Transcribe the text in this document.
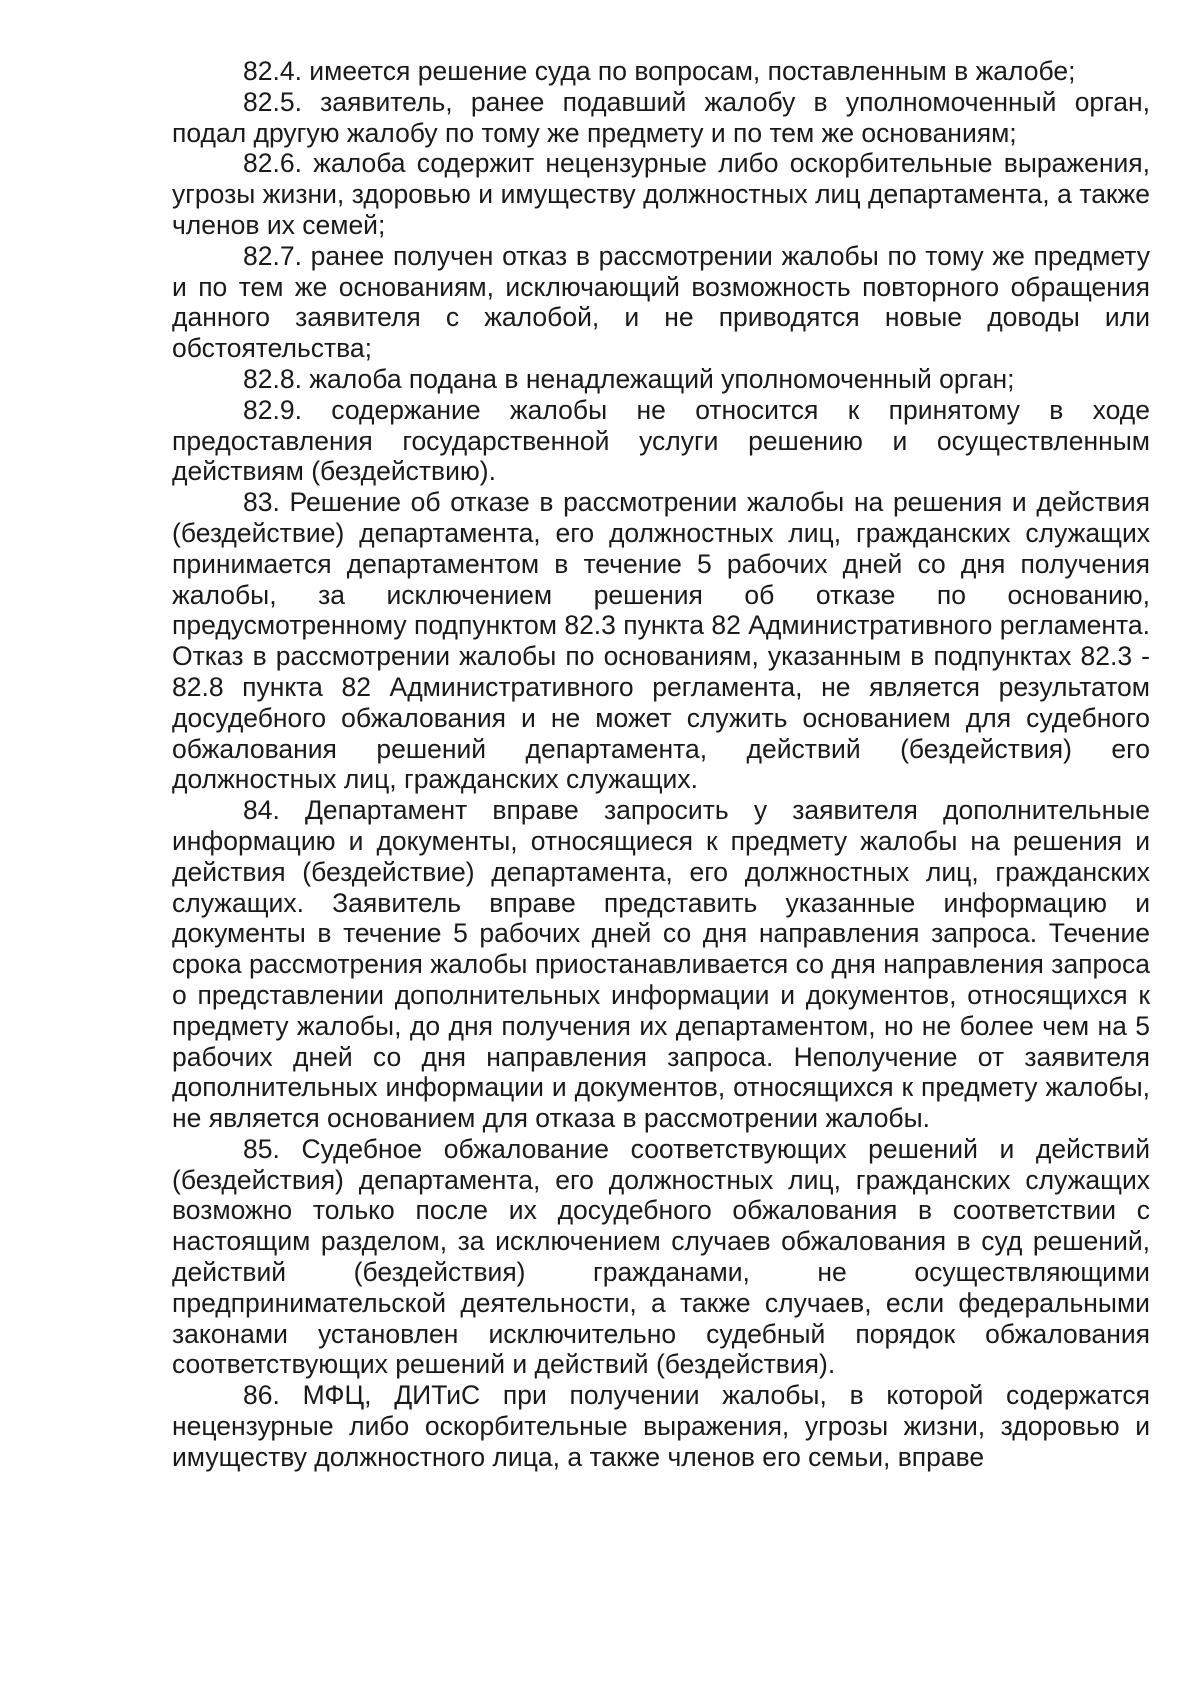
82.4. имеется решение суда по вопросам, поставленным в жалобе;

82.5. заявитель, ранее подавший жалобу в уполномоченный орган, подал другую жалобу по тому же предмету и по тем же основаниям;

82.6. жалоба содержит нецензурные либо оскорбительные выражения, угрозы жизни, здоровью и имуществу должностных лиц департамента, а также членов их семей;

82.7. ранее получен отказ в рассмотрении жалобы по тому же предмету и по тем же основаниям, исключающий возможность повторного обращения данного заявителя с жалобой, и не приводятся новые доводы или обстоятельства;

82.8. жалоба подана в ненадлежащий уполномоченный орган;

82.9. содержание жалобы не относится к принятому в ходе предоставления государственной услуги решению и осуществленным действиям (бездействию).

83. Решение об отказе в рассмотрении жалобы на решения и действия (бездействие) департамента, его должностных лиц, гражданских служащих принимается департаментом в течение 5 рабочих дней со дня получения жалобы, за исключением решения об отказе по основанию, предусмотренному подпунктом 82.3 пункта 82 Административного регламента. Отказ в рассмотрении жалобы по основаниям, указанным в подпунктах 82.3 - 82.8 пункта 82 Административного регламента, не является результатом досудебного обжалования и не может служить основанием для судебного обжалования решений департамента, действий (бездействия) его должностных лиц, гражданских служащих.

84. Департамент вправе запросить у заявителя дополнительные информацию и документы, относящиеся к предмету жалобы на решения и действия (бездействие) департамента, его должностных лиц, гражданских служащих. Заявитель вправе представить указанные информацию и документы в течение 5 рабочих дней со дня направления запроса. Течение срока рассмотрения жалобы приостанавливается со дня направления запроса о представлении дополнительных информации и документов, относящихся к предмету жалобы, до дня получения их департаментом, но не более чем на 5 рабочих дней со дня направления запроса. Неполучение от заявителя дополнительных информации и документов, относящихся к предмету жалобы, не является основанием для отказа в рассмотрении жалобы.

85. Судебное обжалование соответствующих решений и действий (бездействия) департамента, его должностных лиц, гражданских служащих возможно только после их досудебного обжалования в соответствии с настоящим разделом, за исключением случаев обжалования в суд решений, действий (бездействия) гражданами, не осуществляющими предпринимательской деятельности, а также случаев, если федеральными законами установлен исключительно судебный порядок обжалования соответствующих решений и действий (бездействия).

86. МФЦ, ДИТиС при получении жалобы, в которой содержатся нецензурные либо оскорбительные выражения, угрозы жизни, здоровью и имуществу должностного лица, а также членов его семьи, вправе
